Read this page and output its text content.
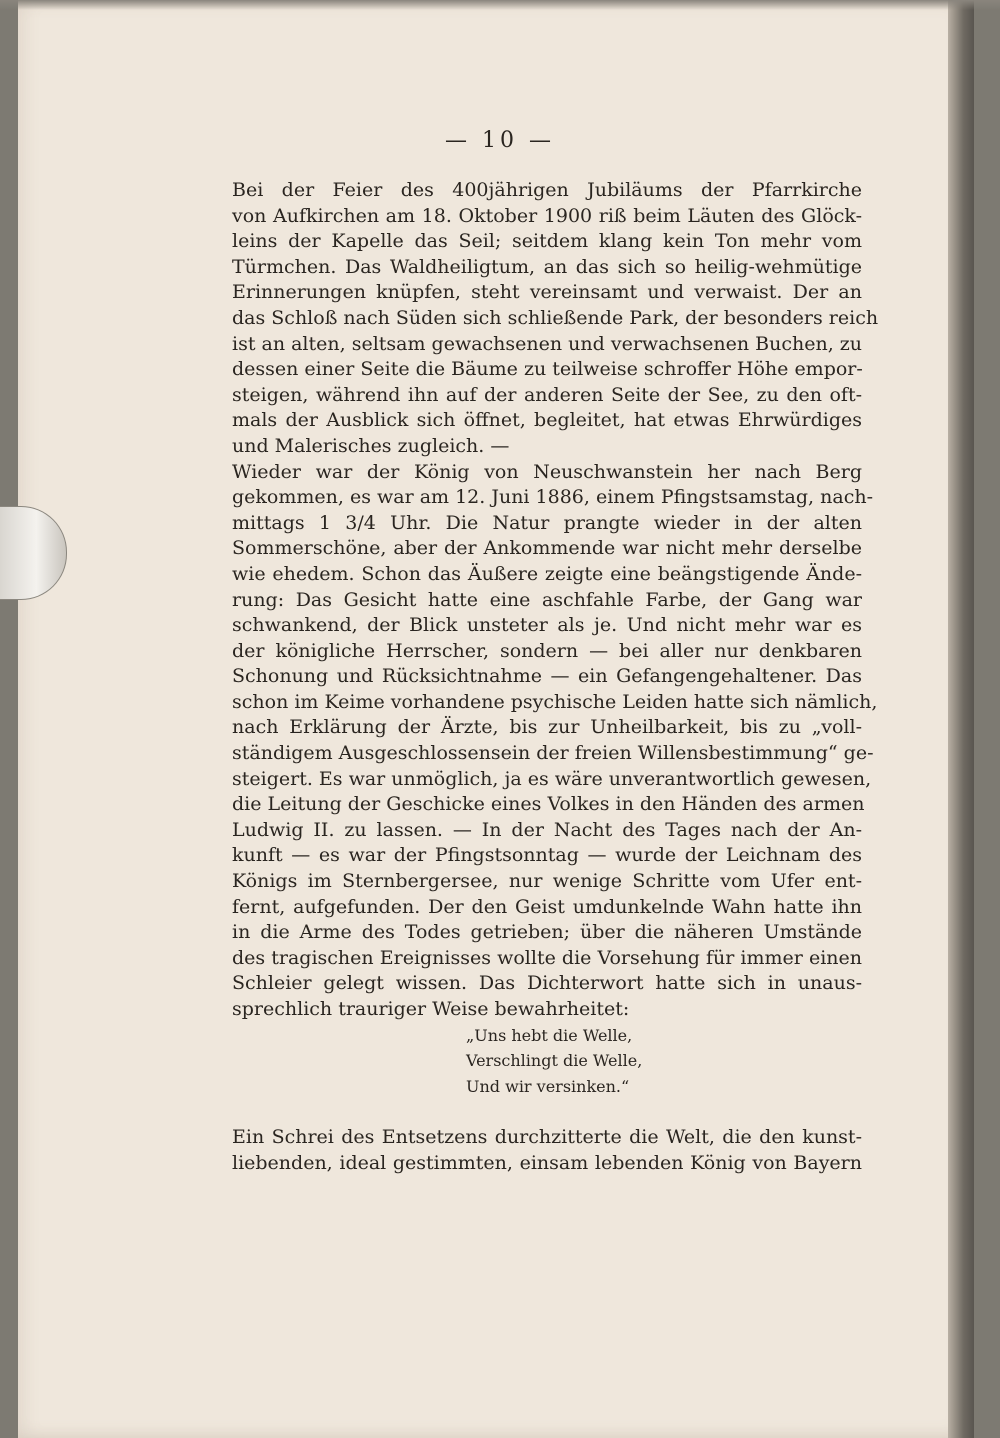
— 10 —
Bei der Feier des 400jährigen Jubiläums der Pfarrkirche
von Aufkirchen am 18. Oktober 1900 riß beim Läuten des Glöck-
leins der Kapelle das Seil; seitdem klang kein Ton mehr vom
Türmchen. Das Waldheiligtum, an das sich so heilig-wehmütige
Erinnerungen knüpfen, steht vereinsamt und verwaist. Der an
das Schloß nach Süden sich schließende Park, der besonders reich
ist an alten, seltsam gewachsenen und verwachsenen Buchen, zu
dessen einer Seite die Bäume zu teilweise schroffer Höhe empor-
steigen, während ihn auf der anderen Seite der See, zu den oft-
mals der Ausblick sich öffnet, begleitet, hat etwas Ehrwürdiges
und Malerisches zugleich. —
Wieder war der König von Neuschwanstein her nach Berg
gekommen, es war am 12. Juni 1886, einem Pfingstsamstag, nach-
mittags 1 3/4 Uhr. Die Natur prangte wieder in der alten
Sommerschöne, aber der Ankommende war nicht mehr derselbe
wie ehedem. Schon das Äußere zeigte eine beängstigende Ände-
rung: Das Gesicht hatte eine aschfahle Farbe, der Gang war
schwankend, der Blick unsteter als je. Und nicht mehr war es
der königliche Herrscher, sondern — bei aller nur denkbaren
Schonung und Rücksichtnahme — ein Gefangengehaltener. Das
schon im Keime vorhandene psychische Leiden hatte sich nämlich,
nach Erklärung der Ärzte, bis zur Unheilbarkeit, bis zu „voll-
ständigem Ausgeschlossensein der freien Willensbestimmung“ ge-
steigert. Es war unmöglich, ja es wäre unverantwortlich gewesen,
die Leitung der Geschicke eines Volkes in den Händen des armen
Ludwig II. zu lassen. — In der Nacht des Tages nach der An-
kunft — es war der Pfingstsonntag — wurde der Leichnam des
Königs im Sternbergersee, nur wenige Schritte vom Ufer ent-
fernt, aufgefunden. Der den Geist umdunkelnde Wahn hatte ihn
in die Arme des Todes getrieben; über die näheren Umstände
des tragischen Ereignisses wollte die Vorsehung für immer einen
Schleier gelegt wissen. Das Dichterwort hatte sich in unaus-
sprechlich trauriger Weise bewahrheitet:
„Uns hebt die Welle,
Verschlingt die Welle,
Und wir versinken.“
Ein Schrei des Entsetzens durchzitterte die Welt, die den kunst-
liebenden, ideal gestimmten, einsam lebenden König von Bayern
